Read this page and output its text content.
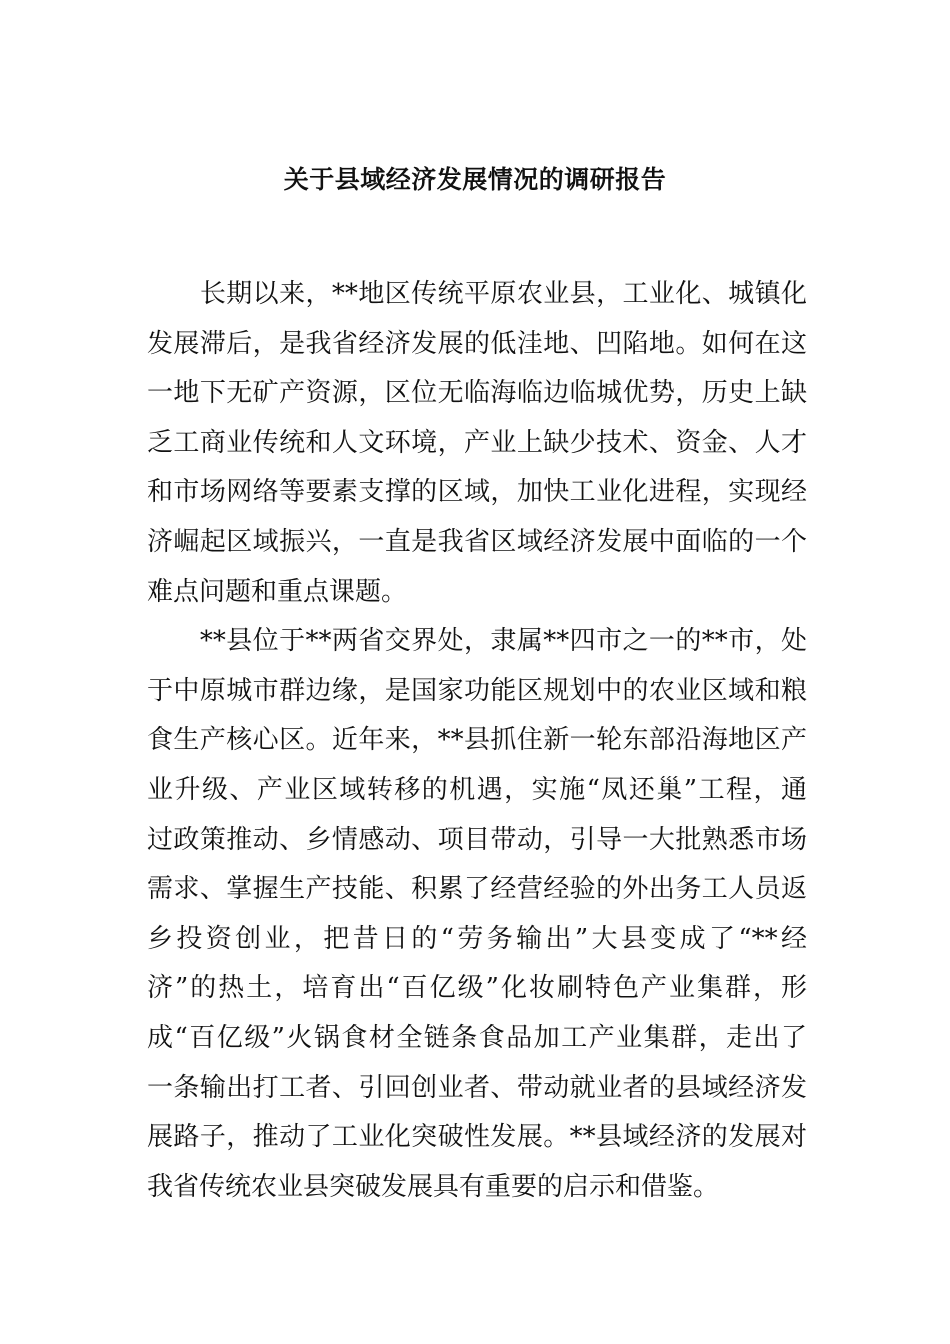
关于县域经济发展情况的调研报告
　　长期以来，**地区传统平原农业县，工业化、城镇化
发展滞后，是我省经济发展的低洼地、凹陷地。如何在这
一地下无矿产资源，区位无临海临边临城优势，历史上缺
乏工商业传统和人文环境，产业上缺少技术、资金、人才
和市场网络等要素支撑的区域，加快工业化进程，实现经
济崛起区域振兴，一直是我省区域经济发展中面临的一个
难点问题和重点课题。
　　**县位于**两省交界处，隶属**四市之一的**市，处
于中原城市群边缘，是国家功能区规划中的农业区域和粮
食生产核心区。近年来，**县抓住新一轮东部沿海地区产
业升级、产业区域转移的机遇，实施“凤还巢”工程，通
过政策推动、乡情感动、项目带动，引导一大批熟悉市场
需求、掌握生产技能、积累了经营经验的外出务工人员返
乡投资创业，把昔日的“劳务输出”大县变成了“**经
济”的热土，培育出“百亿级”化妆刷特色产业集群，形
成“百亿级”火锅食材全链条食品加工产业集群，走出了
一条输出打工者、引回创业者、带动就业者的县域经济发
展路子，推动了工业化突破性发展。**县域经济的发展对
我省传统农业县突破发展具有重要的启示和借鉴。
